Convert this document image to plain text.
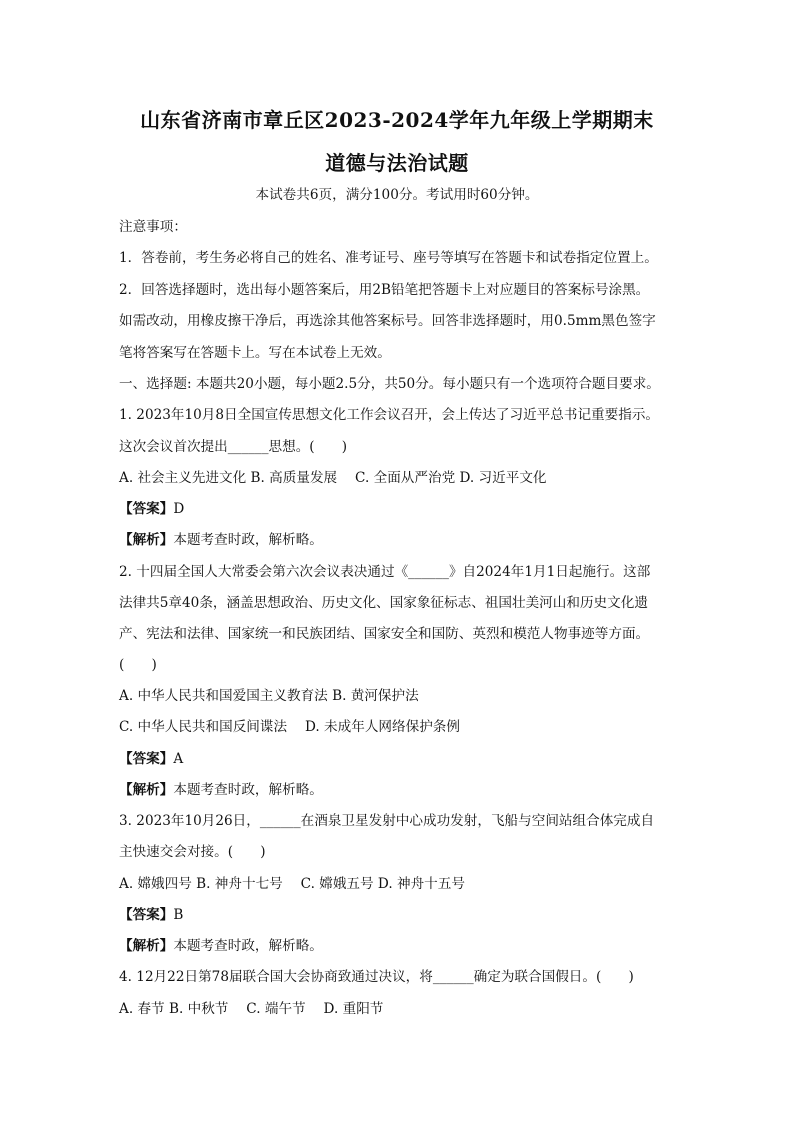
山东省济南市章丘区2023-2024学年九年级上学期期末
道德与法治试题
本试卷共6页，满分100分。考试用时60分钟。
注意事项：
1．答卷前，考生务必将自己的姓名、准考证号、座号等填写在答题卡和试卷指定位置上。
2．回答选择题时，选出每小题答案后，用2B铅笔把答题卡上对应题目的答案标号涂黑。
如需改动，用橡皮擦干净后，再选涂其他答案标号。回答非选择题时，用0.5mm黑色签字
笔将答案写在答题卡上。写在本试卷上无效。
一、选择题: 本题共20小题，每小题2.5分，共50分。每小题只有一个选项符合题目要求。
1. 2023年10月8日全国宣传思想文化工作会议召开，会上传达了习近平总书记重要指示。
这次会议首次提出______思想。(　　)
A. 社会主义先进文化 B. 高质量发展　 C. 全面从严治党 D. 习近平文化
【答案】D
【解析】本题考查时政，解析略。
2. 十四届全国人大常委会第六次会议表决通过《______》自2024年1月1日起施行。这部
法律共5章40条，涵盖思想政治、历史文化、国家象征标志、祖国壮美河山和历史文化遗
产、宪法和法律、国家统一和民族团结、国家安全和国防、英烈和模范人物事迹等方面。
(　　)
A. 中华人民共和国爱国主义教育法 B. 黄河保护法
C. 中华人民共和国反间谍法　 D. 未成年人网络保护条例
【答案】A
【解析】本题考查时政，解析略。
3. 2023年10月26日，______在酒泉卫星发射中心成功发射，飞船与空间站组合体完成自
主快速交会对接。(　　)
A. 嫦娥四号 B. 神舟十七号　 C. 嫦娥五号 D. 神舟十五号
【答案】B
【解析】本题考查时政，解析略。
4. 12月22日第78届联合国大会协商致通过决议，将______确定为联合国假日。(　　)
A. 春节 B. 中秋节　 C. 端午节　 D. 重阳节
